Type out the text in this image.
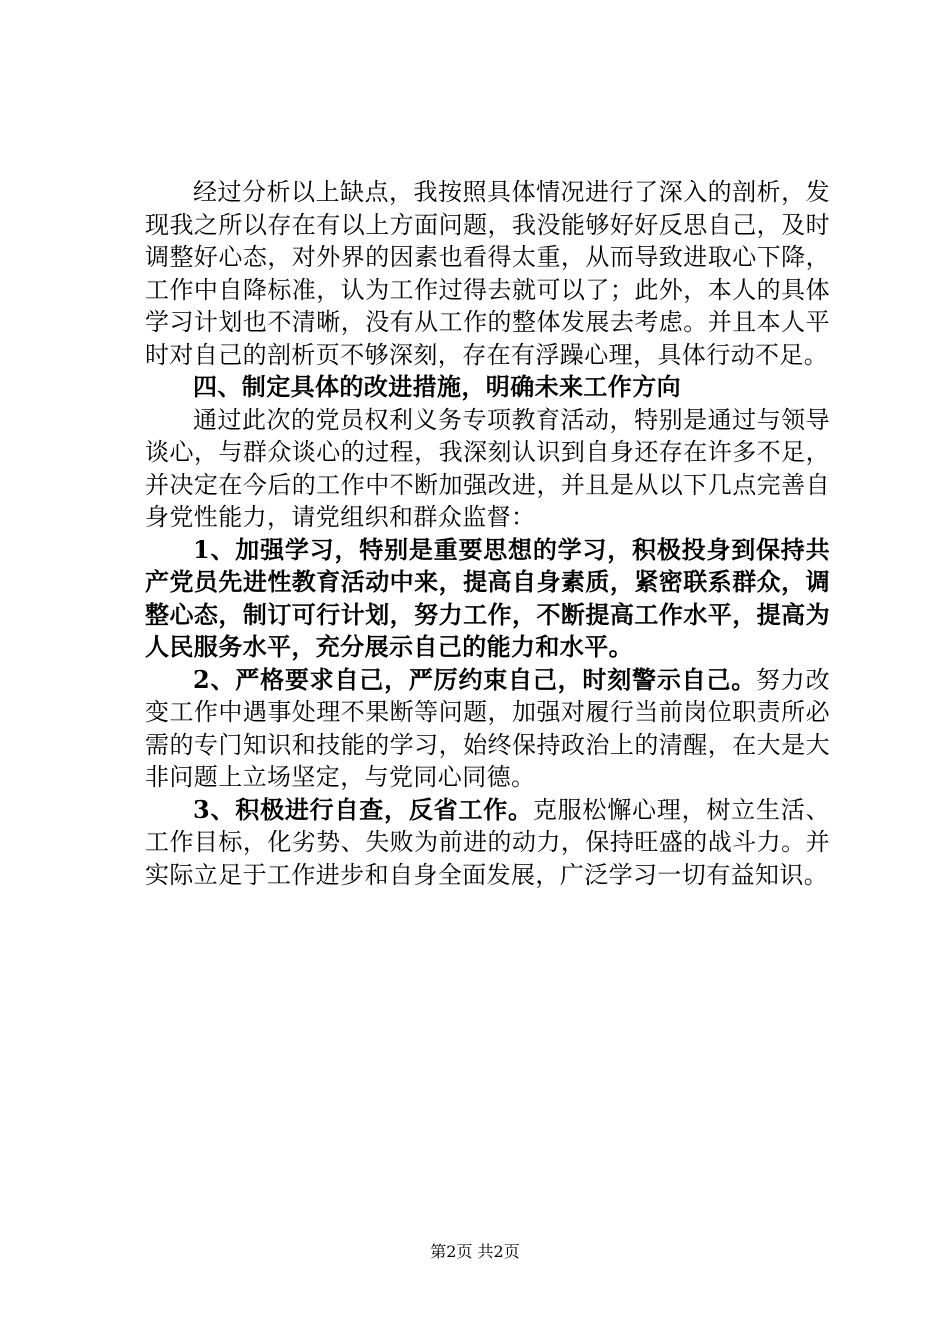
经过分析以上缺点，我按照具体情况进行了深入的剖析，发现我之所以存在有以上方面问题，我没能够好好反思自己，及时调整好心态，对外界的因素也看得太重，从而导致进取心下降，工作中自降标准，认为工作过得去就可以了；此外，本人的具体学习计划也不清晰，没有从工作的整体发展去考虑。并且本人平时对自己的剖析页不够深刻，存在有浮躁心理，具体行动不足。

四、制定具体的改进措施，明确未来工作方向

通过此次的党员权利义务专项教育活动，特别是通过与领导谈心，与群众谈心的过程，我深刻认识到自身还存在许多不足，并决定在今后的工作中不断加强改进，并且是从以下几点完善自身党性能力，请党组织和群众监督：

1、加强学习，特别是重要思想的学习，积极投身到保持共产党员先进性教育活动中来，提高自身素质，紧密联系群众，调整心态，制订可行计划，努力工作，不断提高工作水平，提高为人民服务水平，充分展示自己的能力和水平。

2、严格要求自己，严厉约束自己，时刻警示自己。努力改变工作中遇事处理不果断等问题，加强对履行当前岗位职责所必需的专门知识和技能的学习，始终保持政治上的清醒，在大是大非问题上立场坚定，与党同心同德。

3、积极进行自查，反省工作。克服松懈心理，树立生活、工作目标，化劣势、失败为前进的动力，保持旺盛的战斗力。并实际立足于工作进步和自身全面发展，广泛学习一切有益知识。

第2页 共2页
